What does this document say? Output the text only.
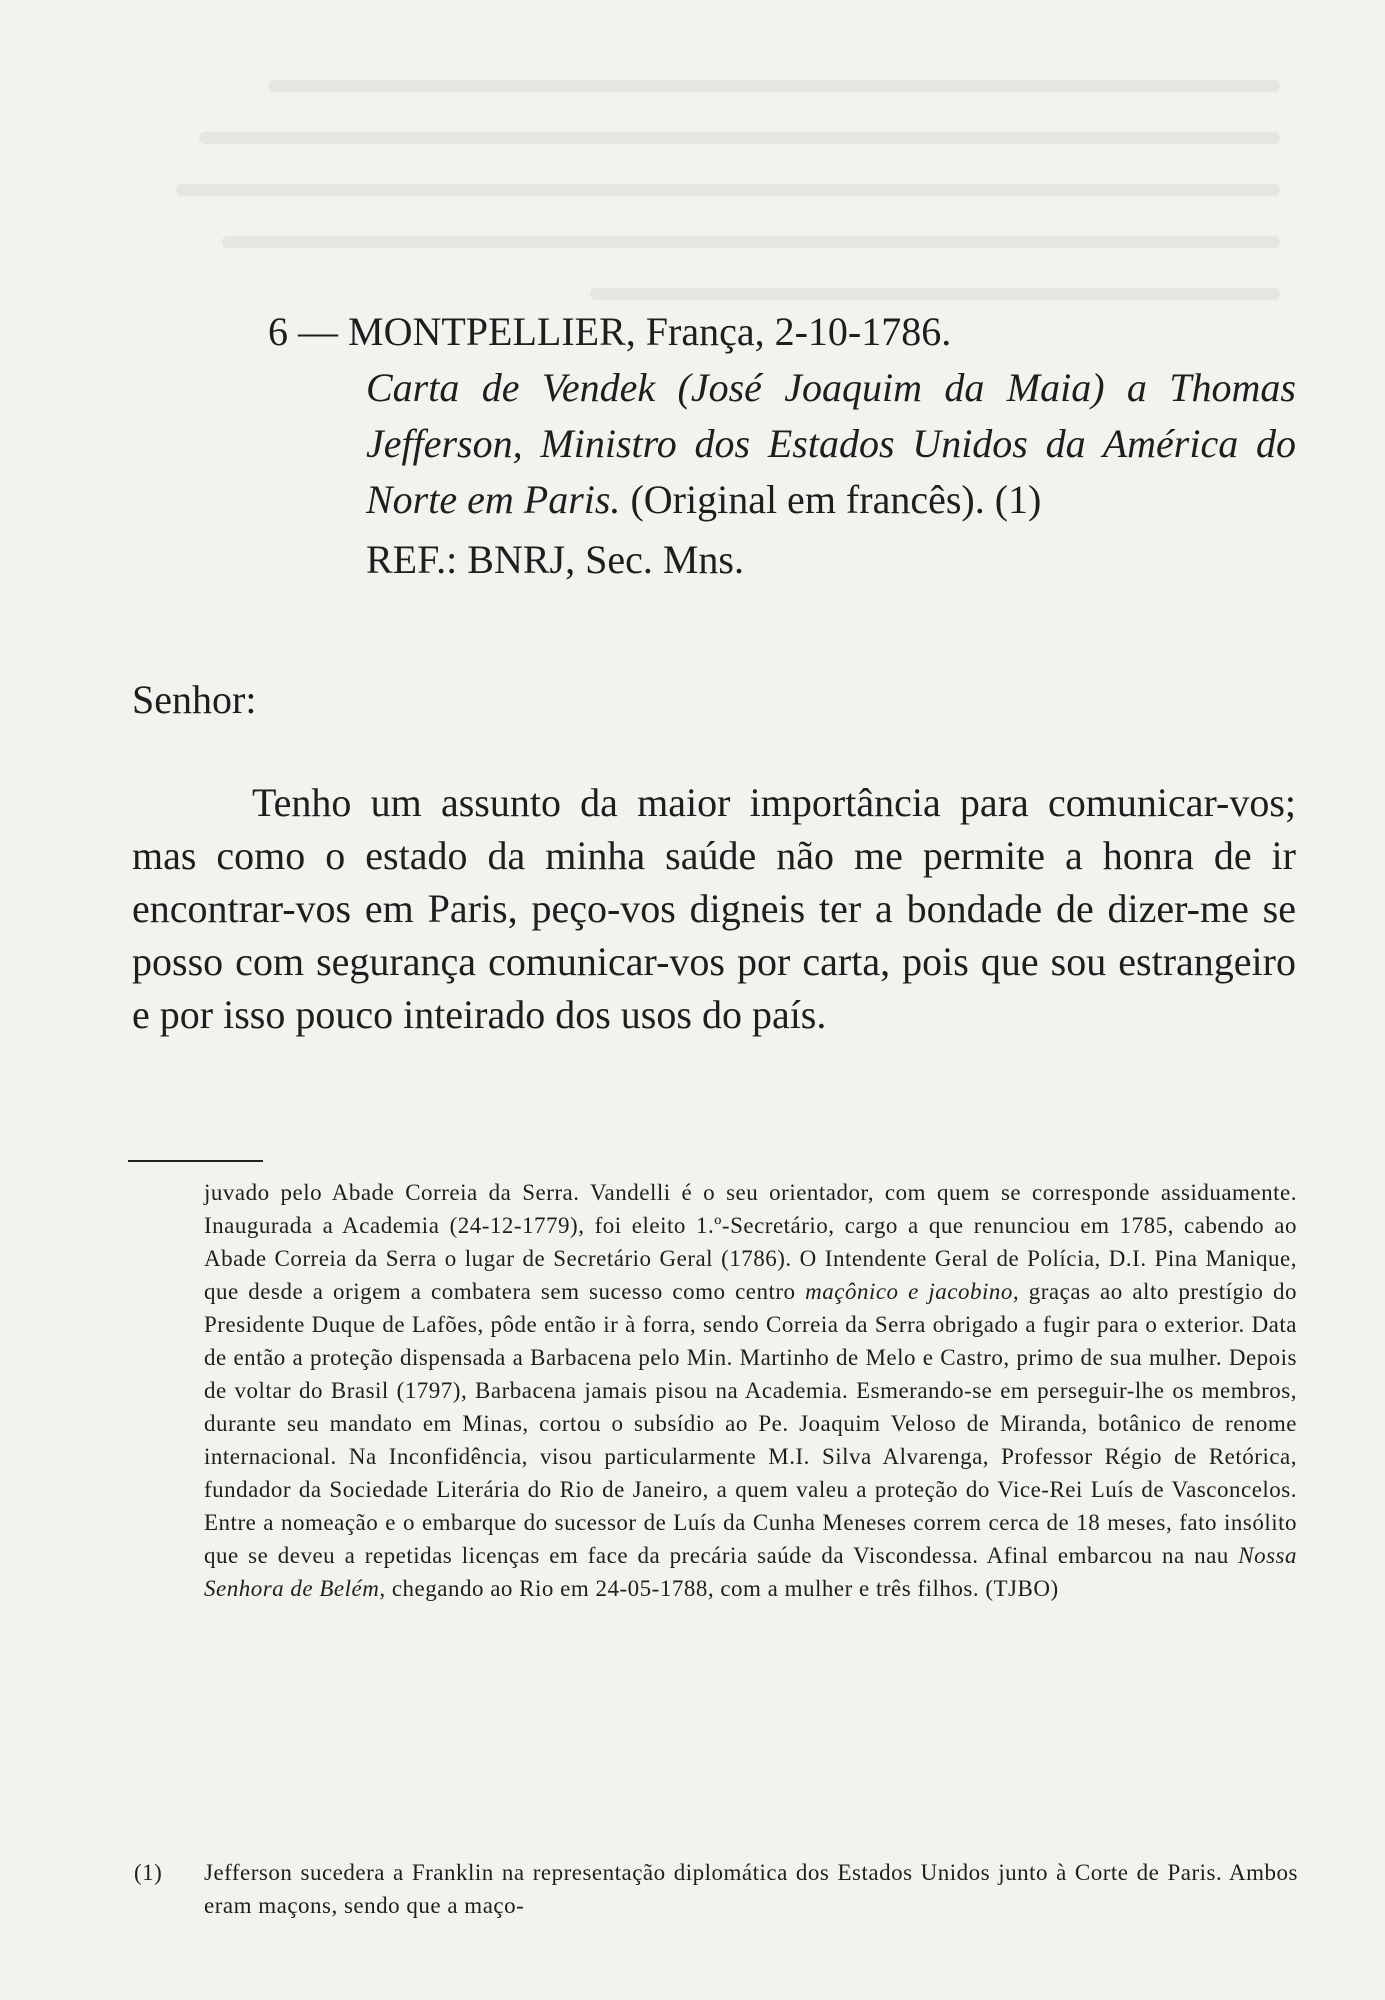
6 — MONTPELLIER, França, 2-10-1786.
Carta de Vendek (José Joaquim da Maia) a Thomas Jefferson, Ministro dos Estados Unidos da América do Norte em Paris. (Original em francês). (1)
REF.: BNRJ, Sec. Mns.
Senhor:

Tenho um assunto da maior importância para comunicar-vos; mas como o estado da minha saúde não me permite a honra de ir encontrar-vos em Paris, peço-vos digneis ter a bondade de dizer-me se posso com segurança comunicar-vos por carta, pois que sou estrangeiro e por isso pouco inteirado dos usos do país.

juvado pelo Abade Correia da Serra. Vandelli é o seu orientador, com quem se corresponde assiduamente. Inaugurada a Academia (24-12-1779), foi eleito 1.º-Secretário, cargo a que renunciou em 1785, cabendo ao Abade Correia da Serra o lugar de Secretário Geral (1786). O Intendente Geral de Polícia, D.I. Pina Manique, que desde a origem a combatera sem sucesso como centro maçônico e jacobino, graças ao alto prestígio do Presidente Duque de Lafões, pôde então ir à forra, sendo Correia da Serra obrigado a fugir para o exterior. Data de então a proteção dispensada a Barbacena pelo Min. Martinho de Melo e Castro, primo de sua mulher. Depois de voltar do Brasil (1797), Barbacena jamais pisou na Academia. Esmerando-se em perseguir-lhe os membros, durante seu mandato em Minas, cortou o subsídio ao Pe. Joaquim Veloso de Miranda, botânico de renome internacional. Na Inconfidência, visou particularmente M.I. Silva Alvarenga, Professor Régio de Retórica, fundador da Sociedade Literária do Rio de Janeiro, a quem valeu a proteção do Vice-Rei Luís de Vasconcelos. Entre a nomeação e o embarque do sucessor de Luís da Cunha Meneses correm cerca de 18 meses, fato insólito que se deveu a repetidas licenças em face da precária saúde da Viscondessa. Afinal embarcou na nau Nossa Senhora de Belém, chegando ao Rio em 24-05-1788, com a mulher e três filhos. (TJBO)

(1) Jefferson sucedera a Franklin na representação diplomática dos Estados Unidos junto à Corte de Paris. Ambos eram maçons, sendo que a maço-
